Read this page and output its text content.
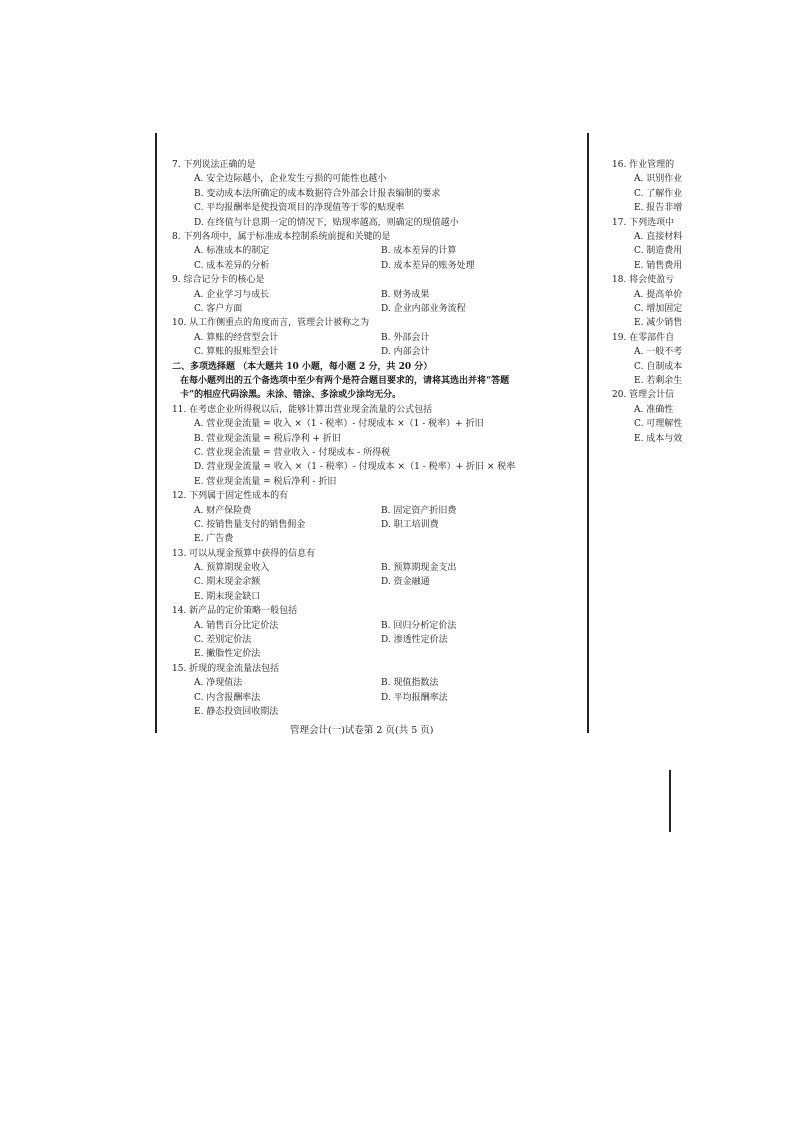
7. 下列说法正确的是
A. 安全边际越小，企业发生亏损的可能性也越小
B. 变动成本法所确定的成本数据符合外部会计报表编制的要求
C. 平均报酬率是使投资项目的净现值等于零的贴现率
D. 在终值与计息期一定的情况下，贴现率越高，则确定的现值越小
8. 下列各项中，属于标准成本控制系统前提和关键的是
A. 标准成本的制定	B. 成本差异的计算
C. 成本差异的分析	D. 成本差异的账务处理
9. 综合记分卡的核心是
A. 企业学习与成长	B. 财务成果
C. 客户方面	D. 企业内部业务流程
10. 从工作侧重点的角度而言，管理会计被称之为
A. 算账的经营型会计	B. 外部会计
C. 算账的报账型会计	D. 内部会计
二、多项选择题 （本大题共 10 小题，每小题 2 分，共 20 分）
在每小题列出的五个备选项中至少有两个是符合题目要求的，请将其选出并将“答题
卡”的相应代码涂黑。未涂、错涂、多涂或少涂均无分。
11. 在考虑企业所得税以后，能够计算出营业现金流量的公式包括
A. 营业现金流量 = 收入 ×（1 - 税率）- 付现成本 ×（1 - 税率）+ 折旧
B. 营业现金流量 = 税后净利 + 折旧
C. 营业现金流量 = 营业收入 - 付现成本 - 所得税
D. 营业现金流量 = 收入 ×（1 - 税率）- 付现成本 ×（1 - 税率）+ 折旧 × 税率
E. 营业现金流量 = 税后净利 - 折旧
12. 下列属于固定性成本的有
A. 财产保险费	B. 固定资产折旧费
C. 按销售量支付的销售佣金	D. 职工培训费
E. 广告费
13. 可以从现金预算中获得的信息有
A. 预算期现金收入	B. 预算期现金支出
C. 期末现金余额	D. 资金融通
E. 期末现金缺口
14. 新产品的定价策略一般包括
A. 销售百分比定价法	B. 回归分析定价法
C. 差别定价法	D. 渗透性定价法
E. 撇脂性定价法
15. 折现的现金流量法包括
A. 净现值法	B. 现值指数法
C. 内含报酬率法	D. 平均报酬率法
E. 静态投资回收期法
管理会计(一)试卷第 2 页(共 5 页)
16. 作业管理的
A. 识别作业
C. 了解作业
E. 报告非增
17. 下列选项中
A. 直接材料
C. 制造费用
E. 销售费用
18. 将会使盈亏
A. 提高单价
C. 增加固定
E. 减少销售
19. 在零部件自
A. 一般不考
C. 自制成本
E. 若剩余生
20. 管理会计信
A. 准确性
C. 可理解性
E. 成本与效
